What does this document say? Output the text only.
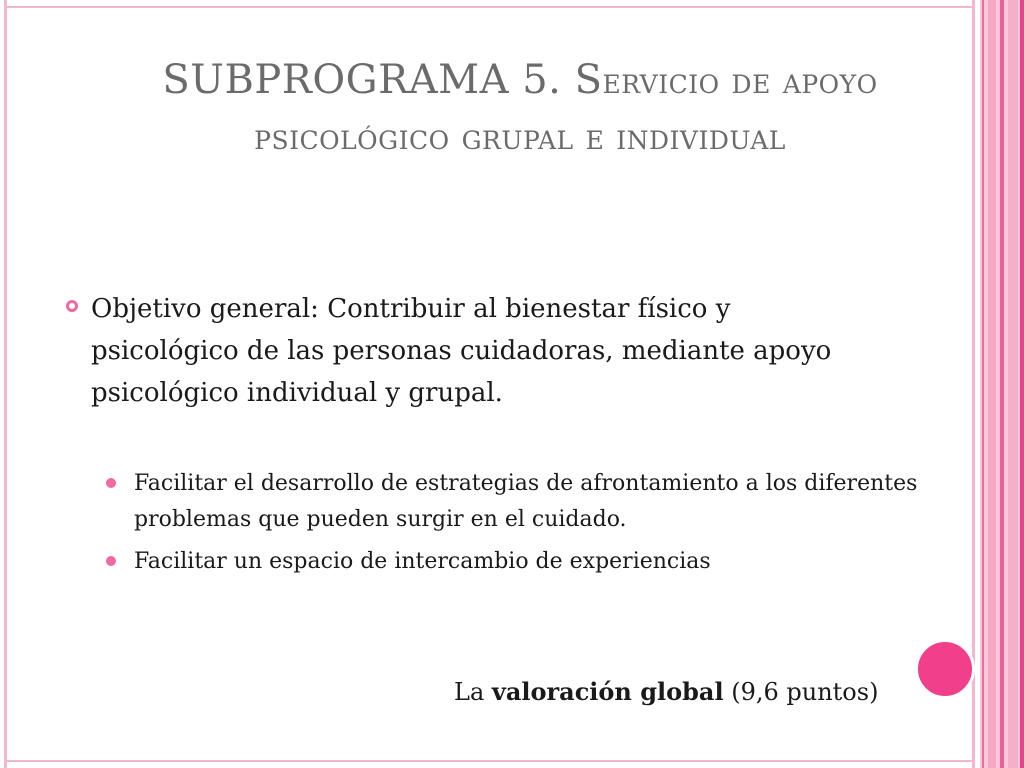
SUBPROGRAMA 5. Servicio de apoyo
psicológico grupal e individual
Objetivo general: Contribuir al bienestar físico y psicológico de las personas cuidadoras, mediante apoyo psicológico individual y grupal.
Facilitar el desarrollo de estrategias de afrontamiento a los diferentes problemas que pueden surgir en el cuidado.
Facilitar un espacio de intercambio de experiencias
La valoración global (9,6 puntos)
